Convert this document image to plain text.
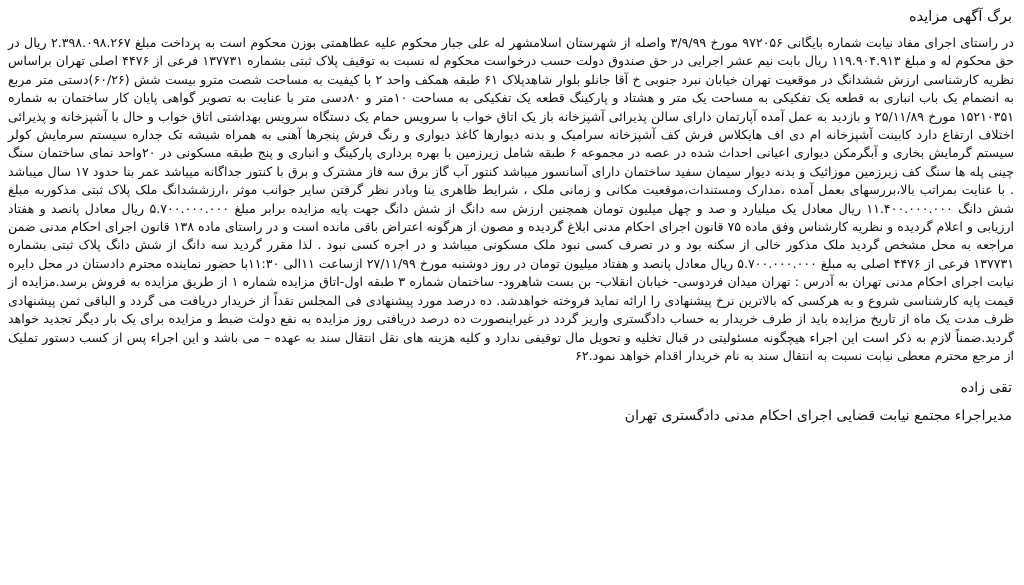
برگ آگهی مزایده
در راستای اجرای مفاد نیابت شماره بایگانی ۹۷۲۰۵۶ مورخ ۳/۹/۹۹ واصله از شهرستان اسلامشهر له علی جبار محکوم علیه عطاهمتی بوزن محکوم است به پرداخت مبلغ ۲.۳۹۸.۰۹۸.۲۶۷ ریال در حق محکوم له و مبلغ ۱۱۹.۹۰۴.۹۱۳ ریال بابت نیم عشر اجرایی در حق صندوق دولت حسب درخواست محکوم له نسبت به توقیف پلاک ثبتی بشماره ۱۳۷۷۳۱ فرعی از ۴۴۷۶ اصلی تهران براساس نظریه کارشناسی ارزش ششدانگ در موقعیت تهران خیابان نبرد جنوبی خ آقا جانلو بلوار شاهدپلاک ۶۱ طبقه همکف واحد ۲ با کیفیت به مساحت شصت مترو بیست شش (۶۰/۲۶)دستی متر مربع به انضمام یک باب انباری به قطعه یک تفکیکی به مساحت یک متر و هشتاد و پارکینگ قطعه یک تفکیکی به مساحت ۱۰متر و ۸۰دسی متر با عنایت به تصویر گواهی پایان کار ساختمان به شماره ۱۵۲۱۰۳۵۱ مورخ ۲۵/۱۱/۸۹ و بازدید به عمل آمده آپارتمان دارای سالن پذیرائی آشپزخانه باز یک اتاق خواب با سرویس حمام یک دستگاه سرویس بهداشتی اتاق خواب و حال با آشپزخانه و پذیرائی اختلاف ارتفاع دارد کابینت آشپزخانه ام دی اف هایکلاس فرش کف آشپزخانه سرامیک و بدنه دیوارها کاغذ دیواری و رنگ فرش پنجرها آهنی به همراه شیشه تک جداره سیستم سرمایش کولر سیستم گرمایش بخاری و آبگرمکن دیواری اعیانی احداث شده در عصه در مجموعه ۶ طبقه شامل زیرزمین با بهره برداری پارکینگ و انباری و پنج طبقه مسکونی در ۲۰واحد نمای ساختمان سنگ چینی پله ها سنگ کف زیرزمین موزائیک و بدنه دیوار سیمان سفید ساختمان دارای آسانسور میباشد کنتور آب گاز برق سه فاز مشترک و برق با کنتور جداگانه میباشد عمر بنا حدود ۱۷ سال میباشد . با عنایت بمراتب بالا،بررسهای بعمل آمده ،مدارک ومستندات،موقعیت مکانی و زمانی ملک ، شرایط ظاهری بنا وبادر نظر گرفتن سایر جوانب موثر ،ارزششدانگ ملک پلاک ثبتی مذکوربه مبلغ شش دانگ ۱۱.۴۰۰.۰۰۰.۰۰۰ ریال معادل یک میلیارد و صد و چهل میلیون تومان همچنین ارزش سه دانگ از شش دانگ جهت پایه مزایده برابر مبلغ ۵.۷۰۰.۰۰۰.۰۰۰ ریال معادل پانصد و هفتاد ارزیابی و اعلام گردیده و نظریه کارشناس وفق ماده ۷۵ قانون اجرای احکام مدنی ابلاغ گردیده و مصون از هرگونه اعتراض باقی مانده است و در راستای ماده ۱۳۸ قانون اجرای احکام مدنی ضمن مراجعه به محل مشخص گردید ملک مذکور خالی از سکنه بود و در تصرف کسی نبود ملک مسکونی میباشد و در اجره کسی نبود . لذا مقرر گردید سه دانگ از شش دانگ پلاک ثبتی بشماره ۱۳۷۷۳۱ فرعی از ۴۴۷۶ اصلی به مبلغ ۵.۷۰۰.۰۰۰.۰۰۰ ریال معادل پانصد و هفتاد میلیون تومان در روز دوشنبه مورخ ۲۷/۱۱/۹۹ ازساعت ۱۱الی ۱۱:۳۰با حضور نماینده محترم دادستان در محل دایره نیابت اجرای احکام مدنی تهران به آدرس : تهران میدان فردوسی- خیابان انقلاب- بن بست شاهرود- ساختمان شماره ۳ طبقه اول-اتاق مزایده شماره ۱ از طریق مزایده به فروش برسد.مزایده از قیمت پایه کارشناسی شروع و به هرکسی که بالاترین نرخ پیشنهادی را ارائه نماید فروخته خواهدشد. ده درصد مورد پیشنهادی فی المجلس نقداً از خریدار دریافت می گردد و الباقی ثمن پیشنهادی ظرف مدت یک ماه از تاریخ مزایده باید از طرف خریدار به حساب دادگستری واریز گردد در غیراینصورت ده درصد دریافتی روز مزایده به نفع دولت ضبط و مزایده برای یک بار دیگر تجدید خواهد گردید.ضمناً لازم به ذکر است این اجراء هیچگونه مسئولیتی در قبال تخلیه و تحویل مال توقیفی ندارد و کلیه هزینه های نقل انتقال سند به عهده – می باشد و این اجراء پس از کسب دستور تملیک از مرجع محترم معطی نیابت نسبت به انتقال سند به نام خریدار اقدام خواهد نمود.۶۲
تقی زاده
مدیراجراء مجتمع نیابت قضایی اجرای احکام مدنی دادگستری تهران
